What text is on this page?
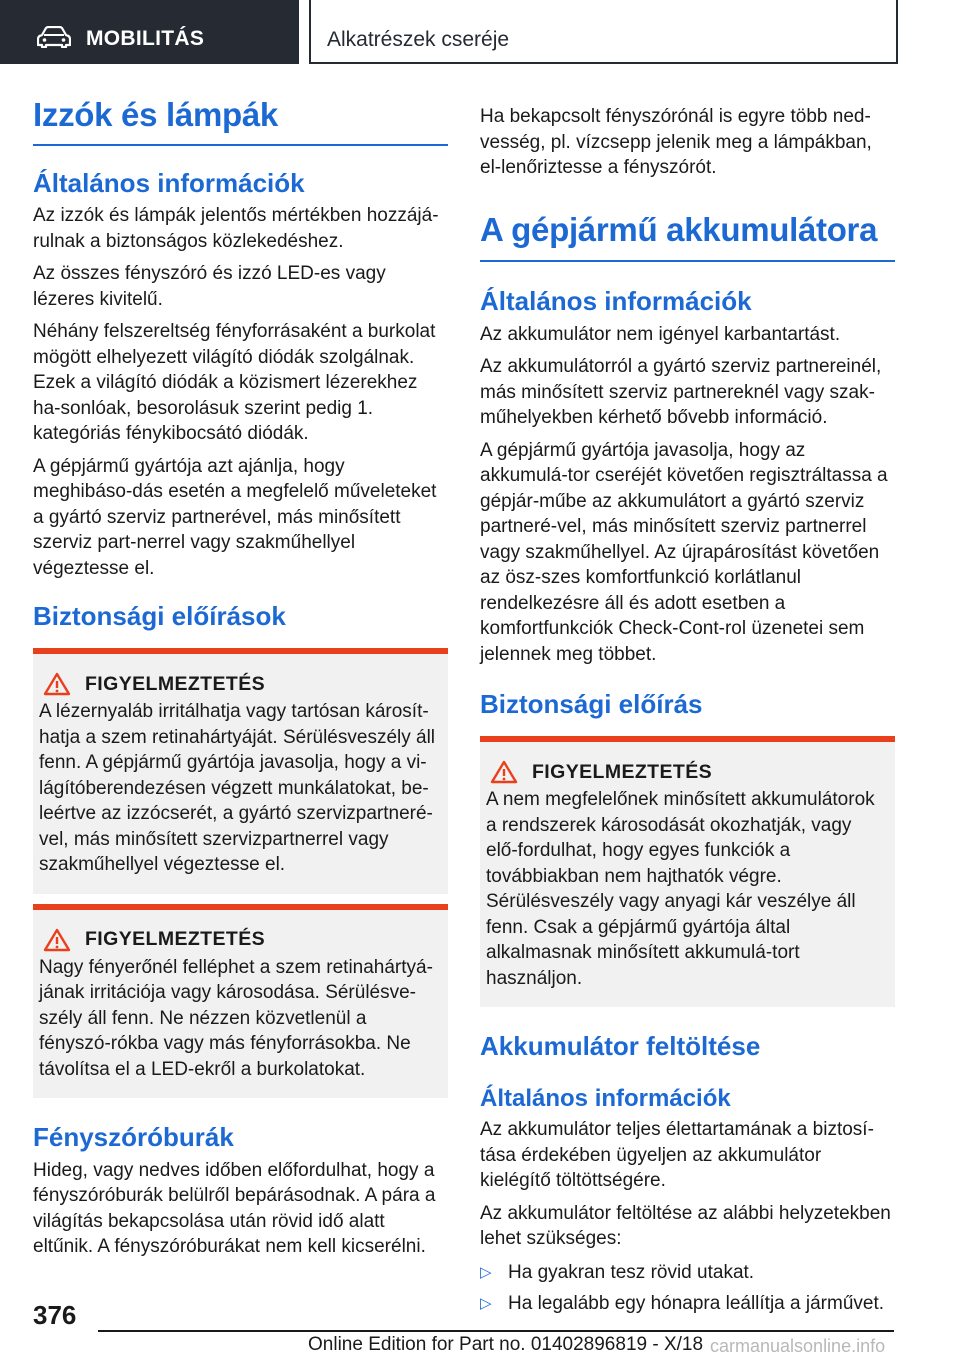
MOBILITÁS	Alkatrészek cseréje
Izzók és lámpák
Általános információk

Az izzók és lámpák jelentős mértékben hozzájá-rulnak a biztonságos közlekedéshez.

Az összes fényszóró és izzó LED-es vagy lézeres kivitelű.

Néhány felszereltség fényforrásaként a burkolat mögött elhelyezett világító diódák szolgálnak. Ezek a világító diódák a közismert lézerekhez ha-sonlóak, besorolásuk szerint pedig 1. kategóriás fénykibocsátó diódák.

A gépjármű gyártója azt ajánlja, hogy meghibáso-dás esetén a megfelelő műveleteket a gyártó szerviz partnerével, más minősített szerviz part-nerrel vagy szakműhellyel végeztesse el.

Biztonsági előírások
FIGYELMEZTETÉS

A lézernyaláb irritálhatja vagy tartósan károsít-hatja a szem retinahártyáját. Sérülésveszély áll fenn. A gépjármű gyártója javasolja, hogy a vi-lágítóberendezésen végzett munkálatokat, be-leértve az izzócserét, a gyártó szervizpartneré-vel, más minősített szervizpartnerrel vagy szakműhellyel végeztesse el.

FIGYELMEZTETÉS

Nagy fényerőnél felléphet a szem retinahártyá-jának irritációja vagy károsodása. Sérülésve-szély áll fenn. Ne nézzen közvetlenül a fényszó-rókba vagy más fényforrásokba. Ne távolítsa el a LED-ekről a burkolatokat.

Fényszóróburák

Hideg, vagy nedves időben előfordulhat, hogy a fényszóróburák belülről bepárásodnak. A pára a világítás bekapcsolása után rövid idő alatt eltűnik. A fényszóróburákat nem kell kicserélni.

Ha bekapcsolt fényszórónál is egyre több ned-vesség, pl. vízcsepp jelenik meg a lámpákban, el-lenőriztesse a fényszórót.

A gépjármű akkumulátora
Általános információk

Az akkumulátor nem igényel karbantartást.

Az akkumulátorról a gyártó szerviz partnereinél, más minősített szerviz partnereknél vagy szak-műhelyekben kérhető bővebb információ.

A gépjármű gyártója javasolja, hogy az akkumulá-tor cseréjét követően regisztráltassa a gépjár-műbe az akkumulátort a gyártó szerviz partneré-vel, más minősített szerviz partnerrel vagy szakműhellyel. Az újrapárosítást követően az ösz-szes komfortfunkció korlátlanul rendelkezésre áll és adott esetben a komfortfunkciók Check-Cont-rol üzenetei sem jelennek meg többet.

Biztonsági előírás
FIGYELMEZTETÉS

A nem megfelelőnek minősített akkumulátorok a rendszerek károsodását okozhatják, vagy elő-fordulhat, hogy egyes funkciók a továbbiakban nem hajthatók végre. Sérülésveszély vagy anyagi kár veszélye áll fenn. Csak a gépjármű gyártója által alkalmasnak minősített akkumulá-tort használjon.

Akkumulátor feltöltése
Általános információk

Az akkumulátor teljes élettartamának a biztosí-tása érdekében ügyeljen az akkumulátor kielégítő töltöttségére.

Az akkumulátor feltöltése az alábbi helyzetekben lehet szükséges:

▷ Ha gyakran tesz rövid utakat.
▷ Ha legalább egy hónapra leállítja a járművet.
376
Online Edition for Part no. 01402896819 - X/18 carmanualsonline.info
